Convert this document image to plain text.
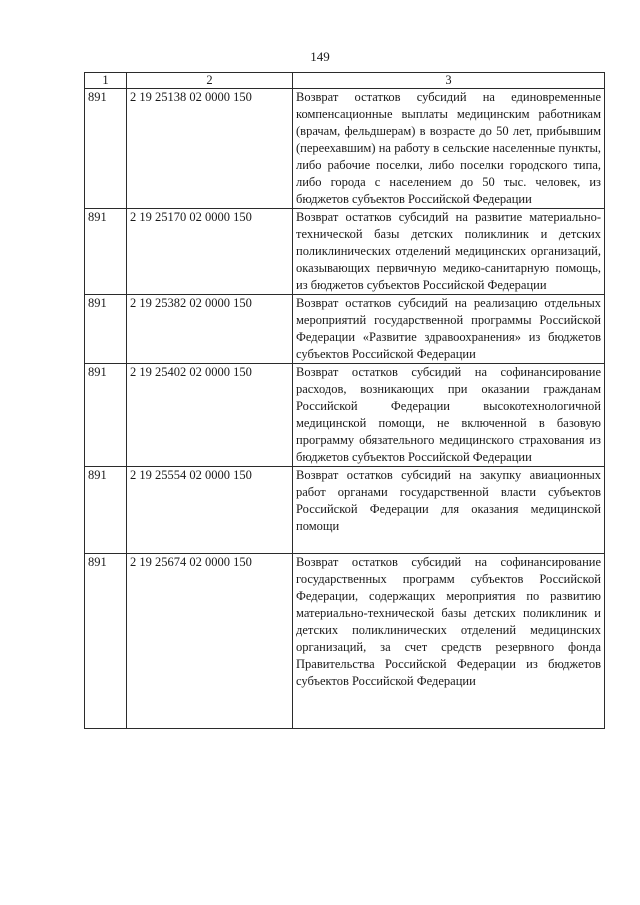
149
1	2	3
891	2 19 25138 02 0000 150	Возврат остатков субсидий на единовременные компенсационные выплаты медицинским работникам (врачам, фельдшерам) в возрасте до 50 лет, прибывшим (переехавшим) на работу в сельские населенные пункты, либо рабочие поселки, либо поселки городского типа, либо города с населением до 50 тыс. человек, из бюджетов субъектов Российской Федерации
891	2 19 25170 02 0000 150	Возврат остатков субсидий на развитие материально-технической базы детских поликлиник и детских поликлинических отделений медицинских организаций, оказывающих первичную медико-санитарную помощь, из бюджетов субъектов Российской Федерации
891	2 19 25382 02 0000 150	Возврат остатков субсидий на реализацию отдельных мероприятий государственной программы Российской Федерации «Развитие здравоохранения» из бюджетов субъектов Российской Федерации
891	2 19 25402 02 0000 150	Возврат остатков субсидий на софинансирование расходов, возникающих при оказании гражданам Российской Федерации высокотехнологичной медицинской помощи, не включенной в базовую программу обязательного медицинского страхования из бюджетов субъектов Российской Федерации
891	2 19 25554 02 0000 150	Возврат остатков субсидий на закупку авиационных работ органами государственной власти субъектов Российской Федерации для оказания медицинской помощи
891	2 19 25674 02 0000 150	Возврат остатков субсидий на софинансирование государственных программ субъектов Российской Федерации, содержащих мероприятия по развитию материально-технической базы детских поликлиник и детских поликлинических отделений медицинских организаций, за счет средств резервного фонда Правительства Российской Федерации из бюджетов субъектов Российской Федерации
